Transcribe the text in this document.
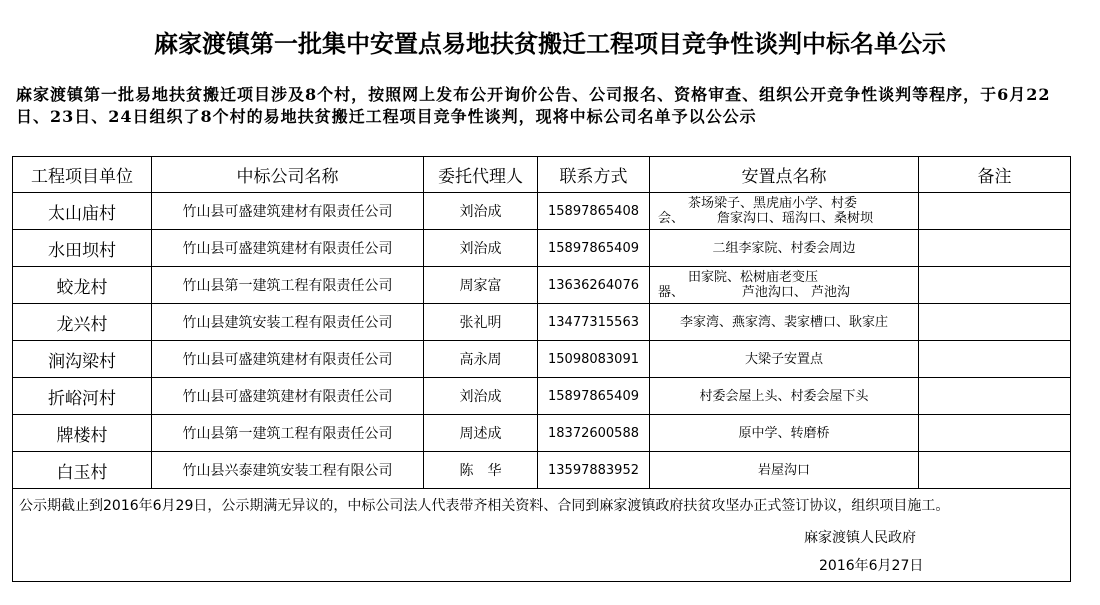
麻家渡镇第一批集中安置点易地扶贫搬迁工程项目竞争性谈判中标名单公示
麻家渡镇第一批易地扶贫搬迁项目涉及8个村，按照网上发布公开询价公告、公司报名、资格审查、组织公开竞争性谈判等程序，于6月22日、23日、24日组织了8个村的易地扶贫搬迁工程项目竞争性谈判，现将中标公司名单予以公公示
工程项目单位	中标公司名称	委托代理人	联系方式	安置点名称	备注
太山庙村	竹山县可盛建筑建材有限责任公司	刘治成	15897865408	茶场梁子、黑虎庙小学、村委
会、        詹家沟口、瑶沟口、桑树坝	

水田坝村	竹山县可盛建筑建材有限责任公司	刘治成	15897865409	二组李家院、村委会周边	
蛟龙村	竹山县第一建筑工程有限责任公司	周家富	13636264076	田家院、松树庙老变压
器、              芦池沟口、 芦池沟	

龙兴村	竹山县建筑安装工程有限责任公司	张礼明	13477315563	李家湾、燕家湾、裴家槽口、耿家庄	
涧沟梁村	竹山县可盛建筑建材有限责任公司	高永周	15098083091	大梁子安置点	
折峪河村	竹山县可盛建筑建材有限责任公司	刘治成	15897865409	村委会屋上头、村委会屋下头	
牌楼村	竹山县第一建筑工程有限责任公司	周述成	18372600588	原中学、转磨桥	
白玉村	竹山县兴泰建筑安装工程有限公司	陈　华	13597883952	岩屋沟口	

公示期截止到2016年6月29日，公示期满无异议的，中标公司法人代表带齐相关资料、合同到麻家渡镇政府扶贫攻坚办正式签订协议，组织项目施工。
麻家渡镇人民政府
2016年6月27日					
